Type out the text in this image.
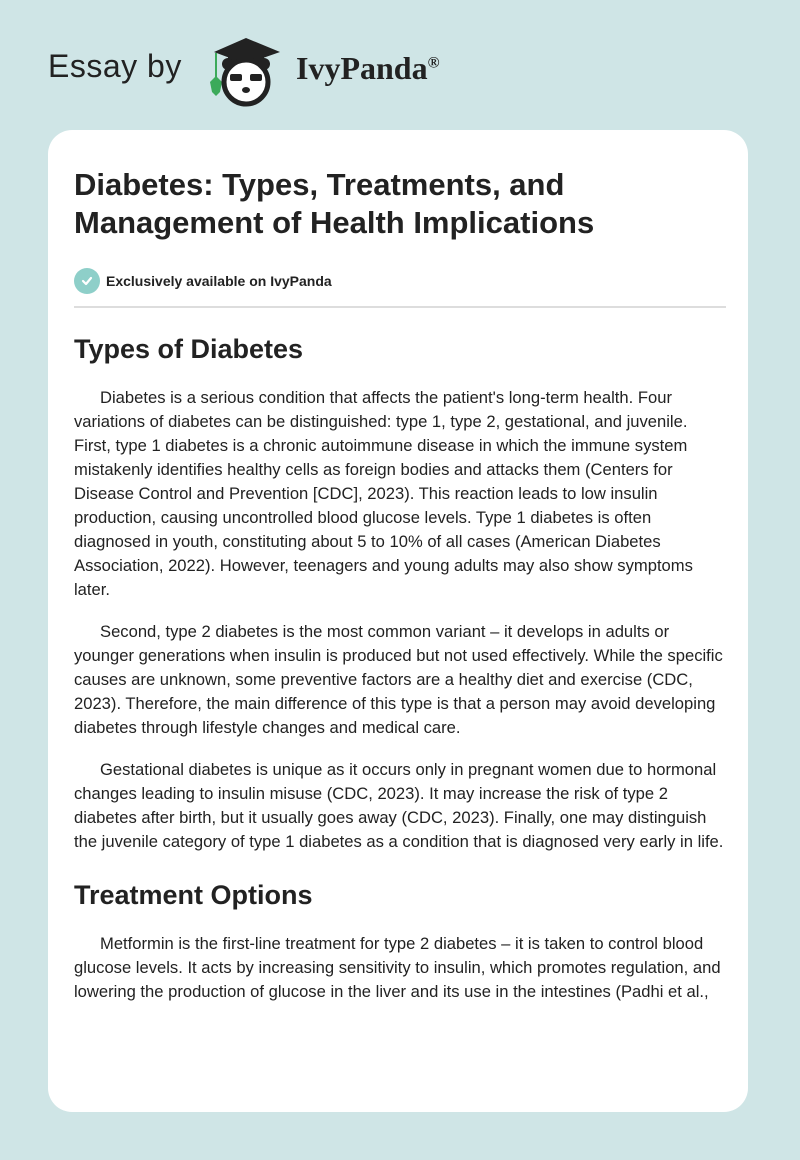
Essay by	IvyPanda®
Diabetes: Types, Treatments, and Management of Health Implications
Exclusively available on IvyPanda
Types of Diabetes

Diabetes is a serious condition that affects the patient's long-term health. Four variations of diabetes can be distinguished: type 1, type 2, gestational, and juvenile. First, type 1 diabetes is a chronic autoimmune disease in which the immune system mistakenly identifies healthy cells as foreign bodies and attacks them (Centers for Disease Control and Prevention [CDC], 2023). This reaction leads to low insulin production, causing uncontrolled blood glucose levels. Type 1 diabetes is often diagnosed in youth, constituting about 5 to 10% of all cases (American Diabetes Association, 2022). However, teenagers and young adults may also show symptoms later.

Second, type 2 diabetes is the most common variant – it develops in adults or younger generations when insulin is produced but not used effectively. While the specific causes are unknown, some preventive factors are a healthy diet and exercise (CDC, 2023). Therefore, the main difference of this type is that a person may avoid developing diabetes through lifestyle changes and medical care.

Gestational diabetes is unique as it occurs only in pregnant women due to hormonal changes leading to insulin misuse (CDC, 2023). It may increase the risk of type 2 diabetes after birth, but it usually goes away (CDC, 2023). Finally, one may distinguish the juvenile category of type 1 diabetes as a condition that is diagnosed very early in life.

Treatment Options

Metformin is the first-line treatment for type 2 diabetes – it is taken to control blood glucose levels. It acts by increasing sensitivity to insulin, which promotes regulation, and lowering the production of glucose in the liver and its use in the intestines (Padhi et al.,
